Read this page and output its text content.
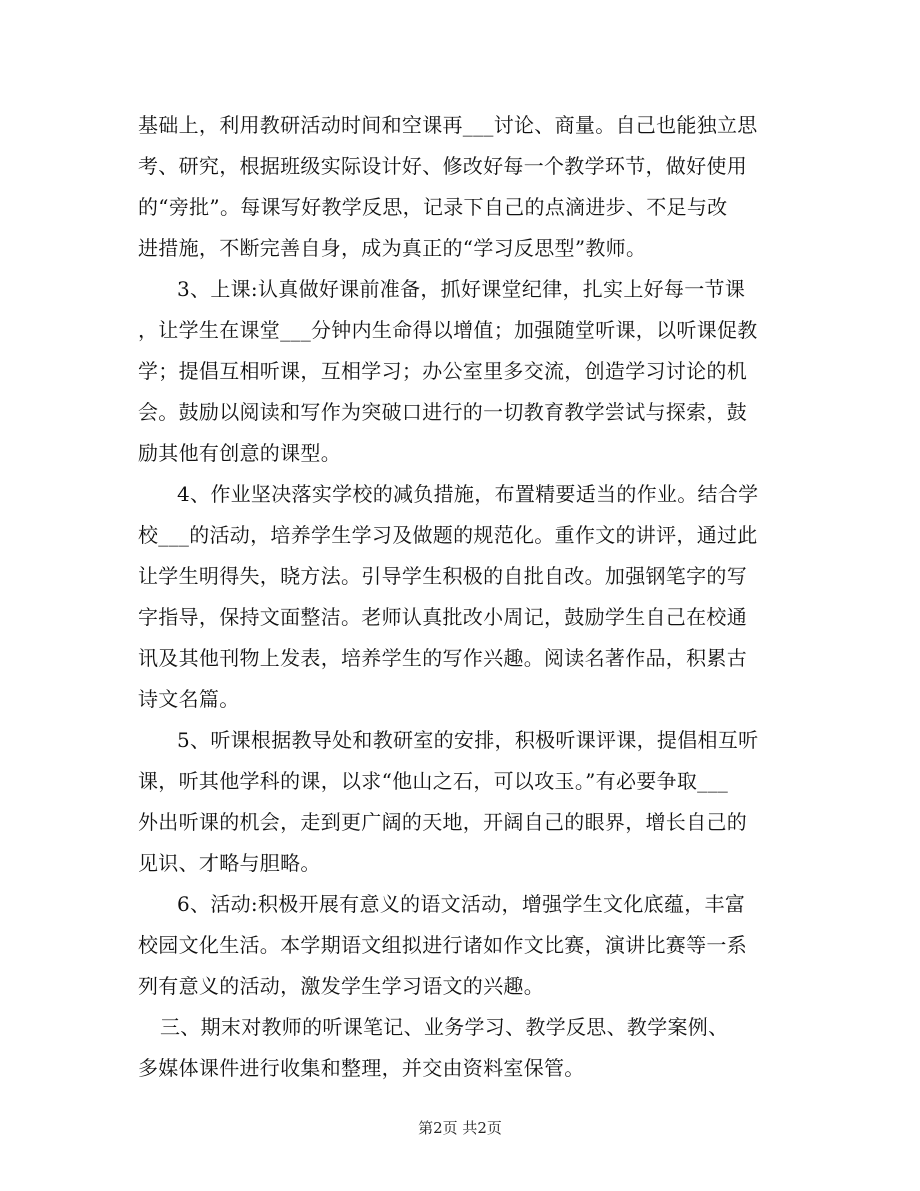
基础上，利用教研活动时间和空课再___讨论、商量。自己也能独立思
考、研究，根据班级实际设计好、修改好每一个教学环节，做好使用
的“旁批”。每课写好教学反思，记录下自己的点滴进步、不足与改
进措施，不断完善自身，成为真正的“学习反思型”教师。
3、上课:认真做好课前准备，抓好课堂纪律，扎实上好每一节课
，让学生在课堂___分钟内生命得以增值；加强随堂听课，以听课促教
学；提倡互相听课，互相学习；办公室里多交流，创造学习讨论的机
会。鼓励以阅读和写作为突破口进行的一切教育教学尝试与探索，鼓
励其他有创意的课型。
4、作业坚决落实学校的减负措施，布置精要适当的作业。结合学
校___的活动，培养学生学习及做题的规范化。重作文的讲评，通过此
让学生明得失，晓方法。引导学生积极的自批自改。加强钢笔字的写
字指导，保持文面整洁。老师认真批改小周记，鼓励学生自己在校通
讯及其他刊物上发表，培养学生的写作兴趣。阅读名著作品，积累古
诗文名篇。
5、听课根据教导处和教研室的安排，积极听课评课，提倡相互听
课，听其他学科的课，以求“他山之石，可以攻玉。”有必要争取___
外出听课的机会，走到更广阔的天地，开阔自己的眼界，增长自己的
见识、才略与胆略。
6、活动:积极开展有意义的语文活动，增强学生文化底蕴，丰富
校园文化生活。本学期语文组拟进行诸如作文比赛，演讲比赛等一系
列有意义的活动，激发学生学习语文的兴趣。
三、期末对教师的听课笔记、业务学习、教学反思、教学案例、
多媒体课件进行收集和整理，并交由资料室保管。
第2页 共2页
